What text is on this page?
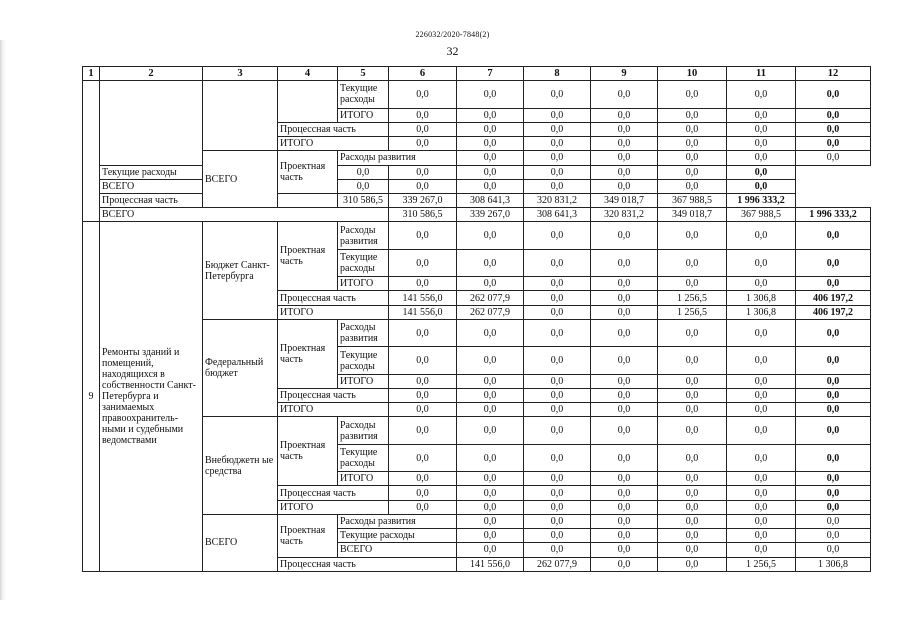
226032/2020-7848(2)
32
1	2	3	4	5	6	7	8	9	10	11	12	
				Текущие расходы	0,0	0,0	0,0	0,0	0,0	0,0	0,0	
				ИТОГО	0,0	0,0	0,0	0,0	0,0	0,0	0,0	
			Процессная часть		0,0	0,0	0,0	0,0	0,0	0,0	0,0	
			ИТОГО		0,0	0,0	0,0	0,0	0,0	0,0	0,0	
		ВСЕГО	Проектная часть	Расходы развития		0,0	0,0	0,0	0,0	0,0	0,0	
	Текущие расходы			0,0	0,0	0,0	0,0	0,0	0,0	0,0		
	ВСЕГО			0,0	0,0	0,0	0,0	0,0	0,0	0,0		
	Процессная часть			310 586,5	339 267,0	308 641,3	320 831,2	349 018,7	367 988,5	1 996 333,2		
	ВСЕГО				310 586,5	339 267,0	308 641,3	320 831,2	349 018,7	367 988,5	1 996 333,2	
9	Ремонты зданий и помещений, находящихся в собственности Санкт-Петербурга и занимаемых правоохранитель-ными и судебными ведомствами	Бюджет Санкт-Петербурга	Проектная часть	Расходы развития	0,0	0,0	0,0	0,0	0,0	0,0	0,0	
				Текущие расходы	0,0	0,0	0,0	0,0	0,0	0,0	0,0	
				ИТОГО	0,0	0,0	0,0	0,0	0,0	0,0	0,0	
			Процессная часть		141 556,0	262 077,9	0,0	0,0	1 256,5	1 306,8	406 197,2	
			ИТОГО		141 556,0	262 077,9	0,0	0,0	1 256,5	1 306,8	406 197,2	
		Федеральный бюджет	Проектная часть	Расходы развития	0,0	0,0	0,0	0,0	0,0	0,0	0,0	
				Текущие расходы	0,0	0,0	0,0	0,0	0,0	0,0	0,0	
				ИТОГО	0,0	0,0	0,0	0,0	0,0	0,0	0,0	
			Процессная часть		0,0	0,0	0,0	0,0	0,0	0,0	0,0	
			ИТОГО		0,0	0,0	0,0	0,0	0,0	0,0	0,0	
		Внебюджетн ые средства	Проектная часть	Расходы развития	0,0	0,0	0,0	0,0	0,0	0,0	0,0	
				Текущие расходы	0,0	0,0	0,0	0,0	0,0	0,0	0,0	
				ИТОГО	0,0	0,0	0,0	0,0	0,0	0,0	0,0	
			Процессная часть		0,0	0,0	0,0	0,0	0,0	0,0	0,0	
			ИТОГО		0,0	0,0	0,0	0,0	0,0	0,0	0,0	
		ВСЕГО	Проектная часть	Расходы развития		0,0	0,0	0,0	0,0	0,0	0,0	
				Текущие расходы		0,0	0,0	0,0	0,0	0,0	0,0	
				ВСЕГО		0,0	0,0	0,0	0,0	0,0	0,0	
			Процессная часть			141 556,0	262 077,9	0,0	0,0	1 256,5	1 306,8	
